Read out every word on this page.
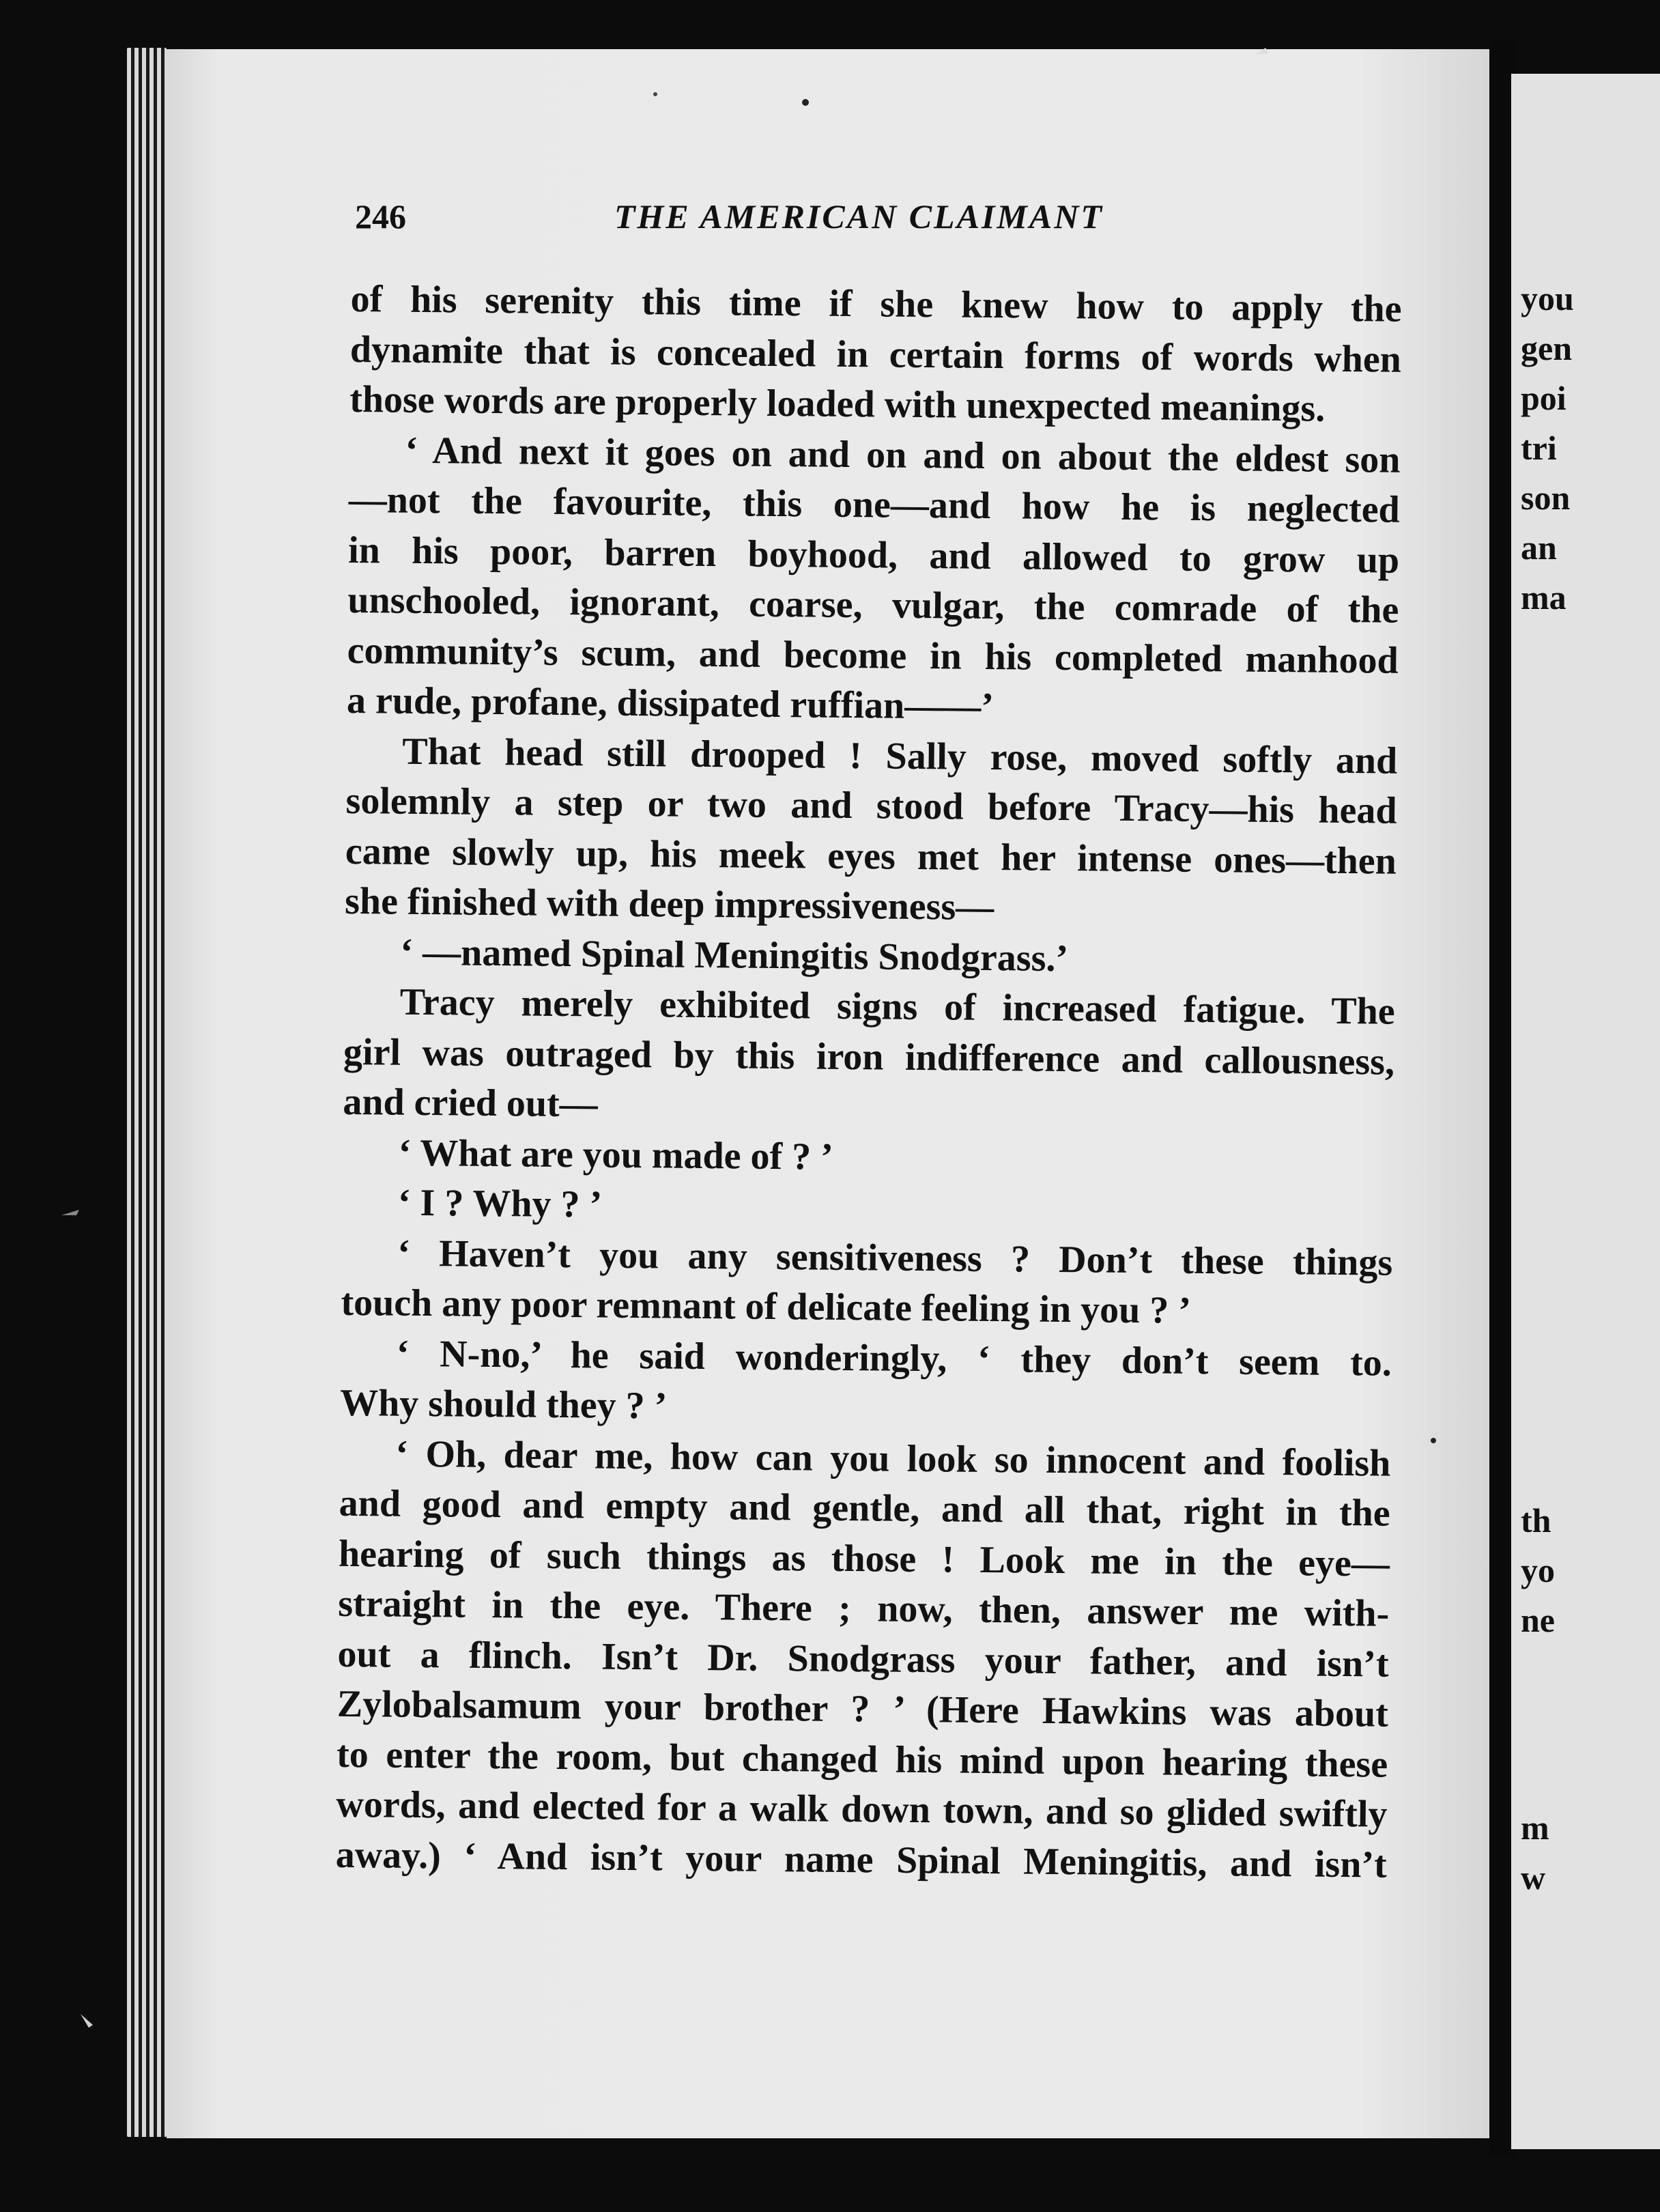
you
gen
poi
tri
son
an
ma
th
yo
ne
m
w
246	THE AMERICAN CLAIMANT
of his serenity this time if she knew how to apply the
dynamite that is concealed in certain forms of words when
those words are properly loaded with unexpected meanings.
‘ And next it goes on and on and on about the eldest son
—not the favourite, this one—and how he is neglected
in his poor, barren boyhood, and allowed to grow up
unschooled, ignorant, coarse, vulgar, the comrade of the
community’s scum, and become in his completed manhood
a rude, profane, dissipated ruffian——’
That head still drooped ! Sally rose, moved softly and
solemnly a step or two and stood before Tracy—his head
came slowly up, his meek eyes met her intense ones—then
she finished with deep impressiveness—
‘ —named Spinal Meningitis Snodgrass.’
Tracy merely exhibited signs of increased fatigue. The
girl was outraged by this iron indifference and callousness,
and cried out—
‘ What are you made of ? ’
‘ I ? Why ? ’
‘ Haven’t you any sensitiveness ? Don’t these things
touch any poor remnant of delicate feeling in you ? ’
‘ N-no,’ he said wonderingly, ‘ they don’t seem to.
Why should they ? ’
‘ Oh, dear me, how can you look so innocent and foolish
and good and empty and gentle, and all that, right in the
hearing of such things as those ! Look me in the eye—
straight in the eye. There ; now, then, answer me with-
out a flinch. Isn’t Dr. Snodgrass your father, and isn’t
Zylobalsamum your brother ? ’ (Here Hawkins was about
to enter the room, but changed his mind upon hearing these
words, and elected for a walk down town, and so glided swiftly
away.) ‘ And isn’t your name Spinal Meningitis, and isn’t
